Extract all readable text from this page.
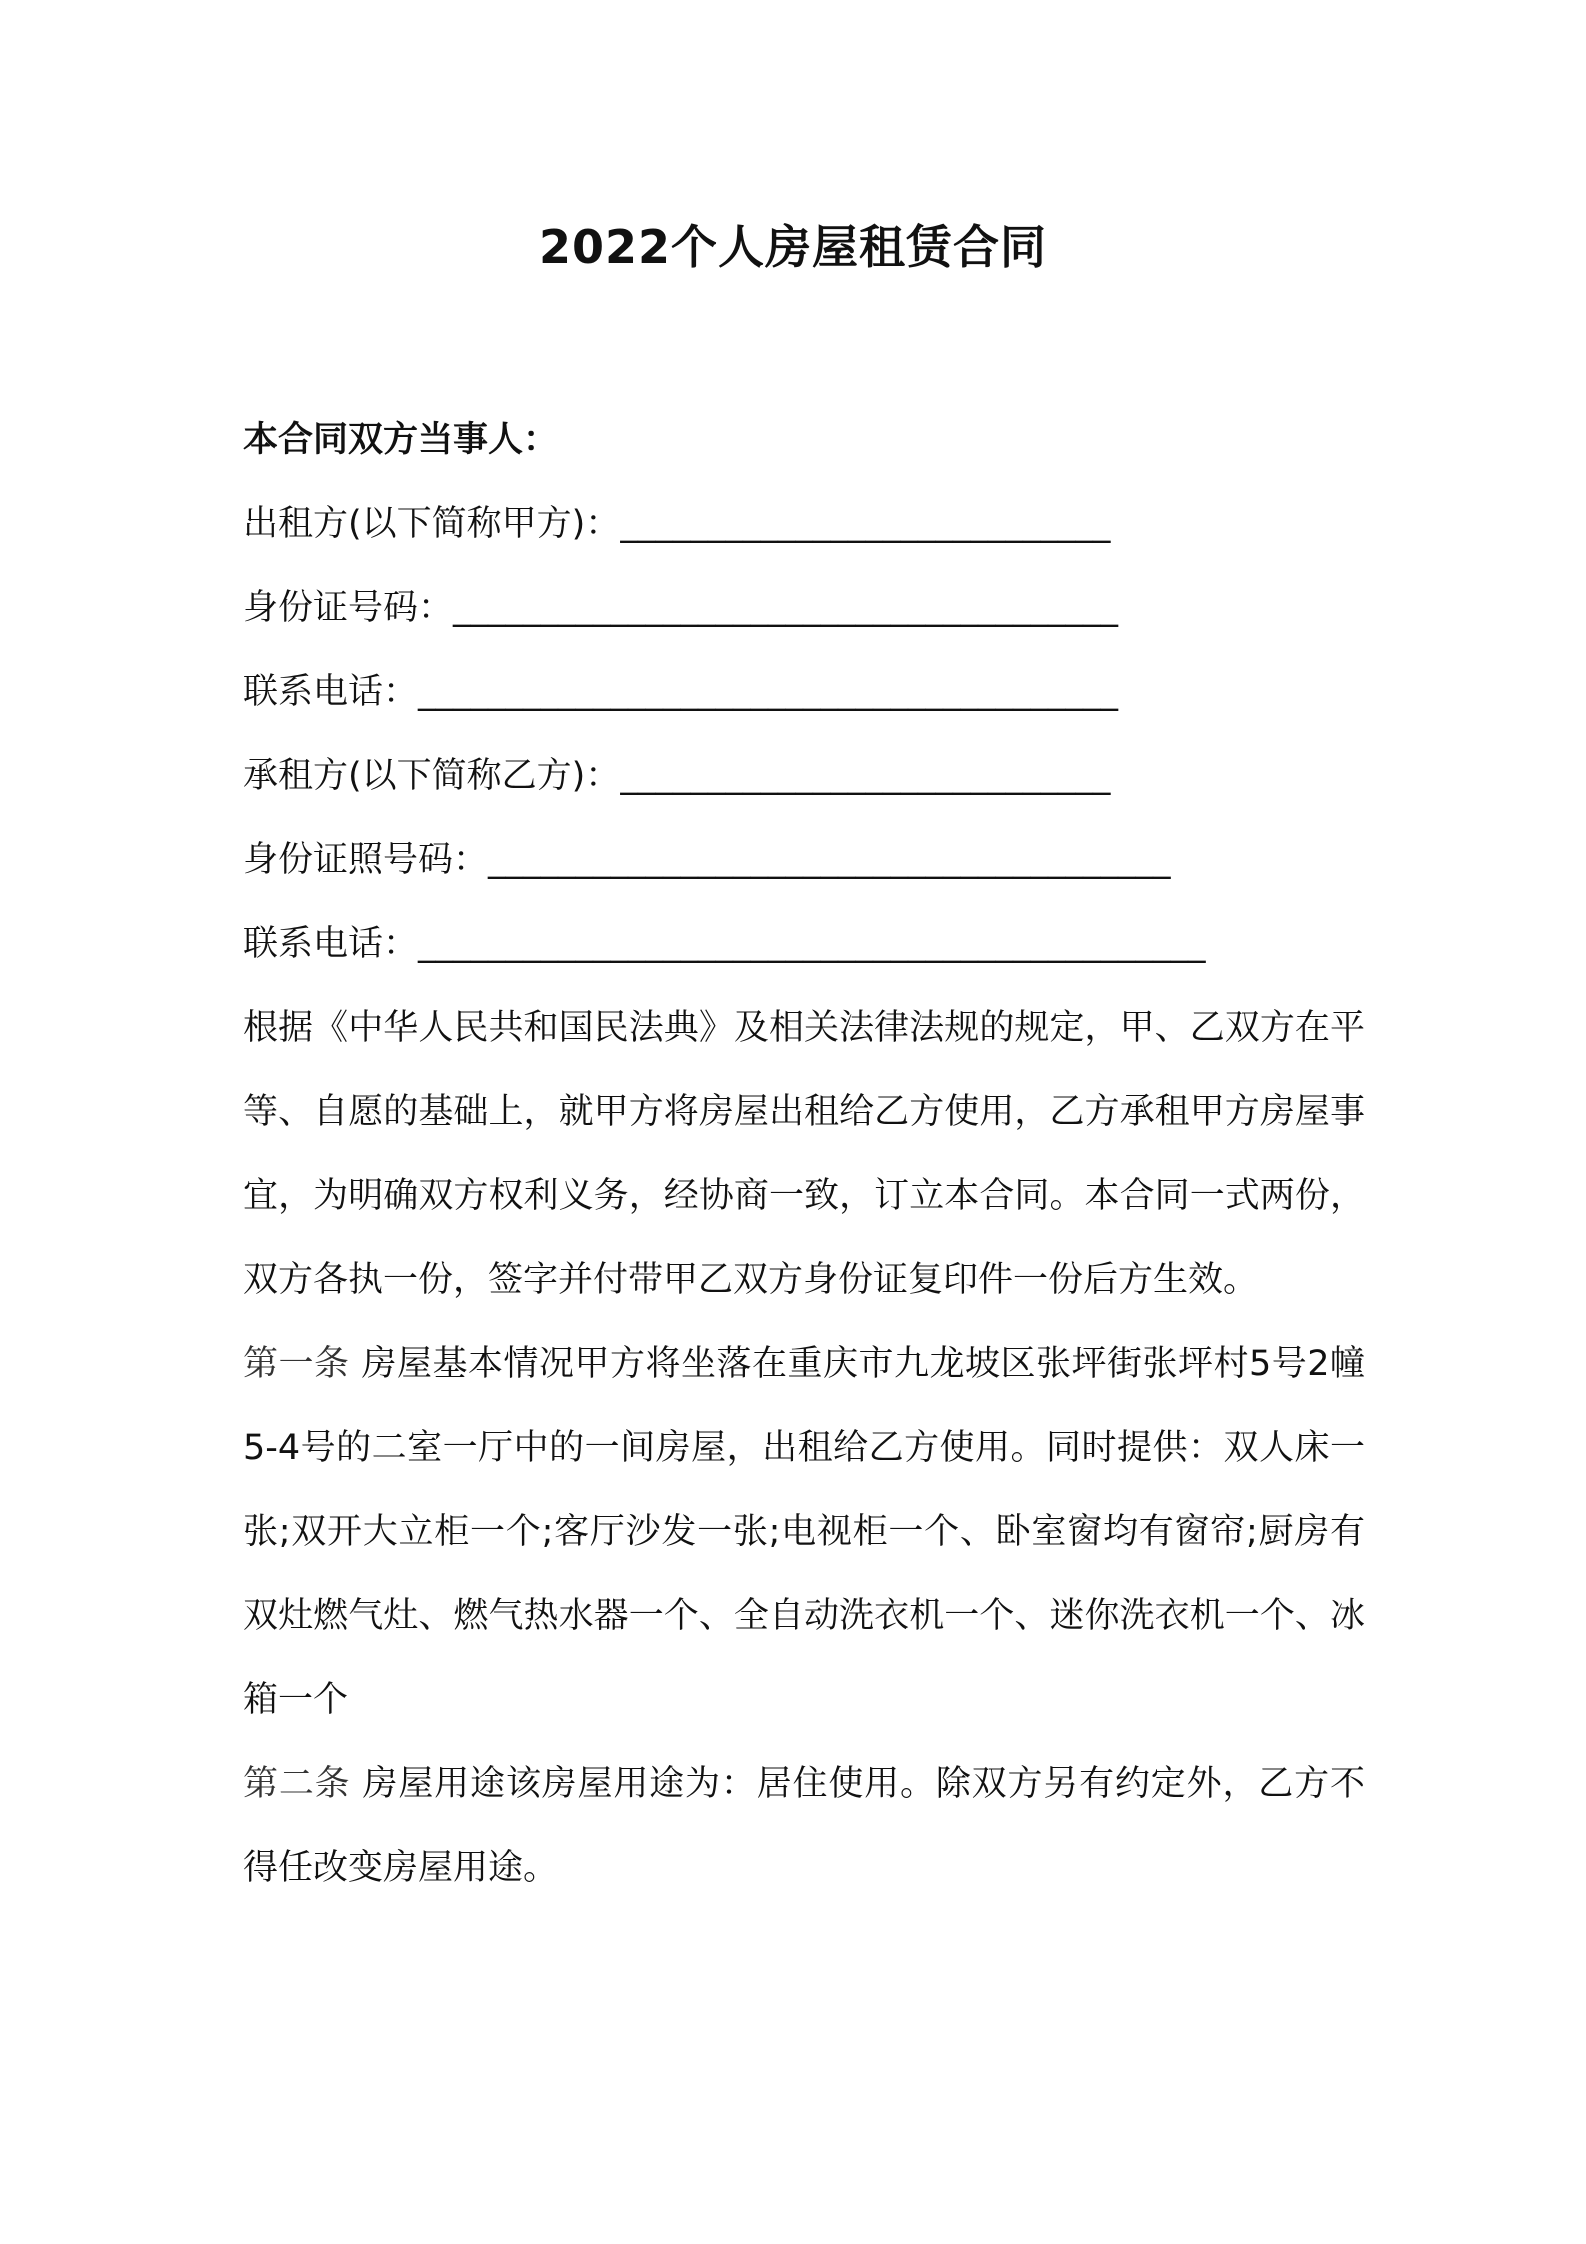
2022个人房屋租赁合同
本合同双方当事人：
出租方(以下简称甲方)：____________________________
身份证号码：______________________________________
联系电话：________________________________________
承租方(以下简称乙方)：____________________________
身份证照号码：_______________________________________
联系电话：_____________________________________________

根据《中华人民共和国民法典》及相关法律法规的规定，甲、乙双方在平等、自愿的基础上，就甲方将房屋出租给乙方使用，乙方承租甲方房屋事宜，为明确双方权利义务，经协商一致，订立本合同。本合同一式两份，双方各执一份，签字并付带甲乙双方身份证复印件一份后方生效。

第一条 房屋基本情况甲方将坐落在重庆市九龙坡区张坪街张坪村5号2幢5-4号的二室一厅中的一间房屋，出租给乙方使用。同时提供：双人床一张;双开大立柜一个;客厅沙发一张;电视柜一个、卧室窗均有窗帘;厨房有双灶燃气灶、燃气热水器一个、全自动洗衣机一个、迷你洗衣机一个、冰箱一个

第二条 房屋用途该房屋用途为：居住使用。除双方另有约定外，乙方不得任改变房屋用途。
